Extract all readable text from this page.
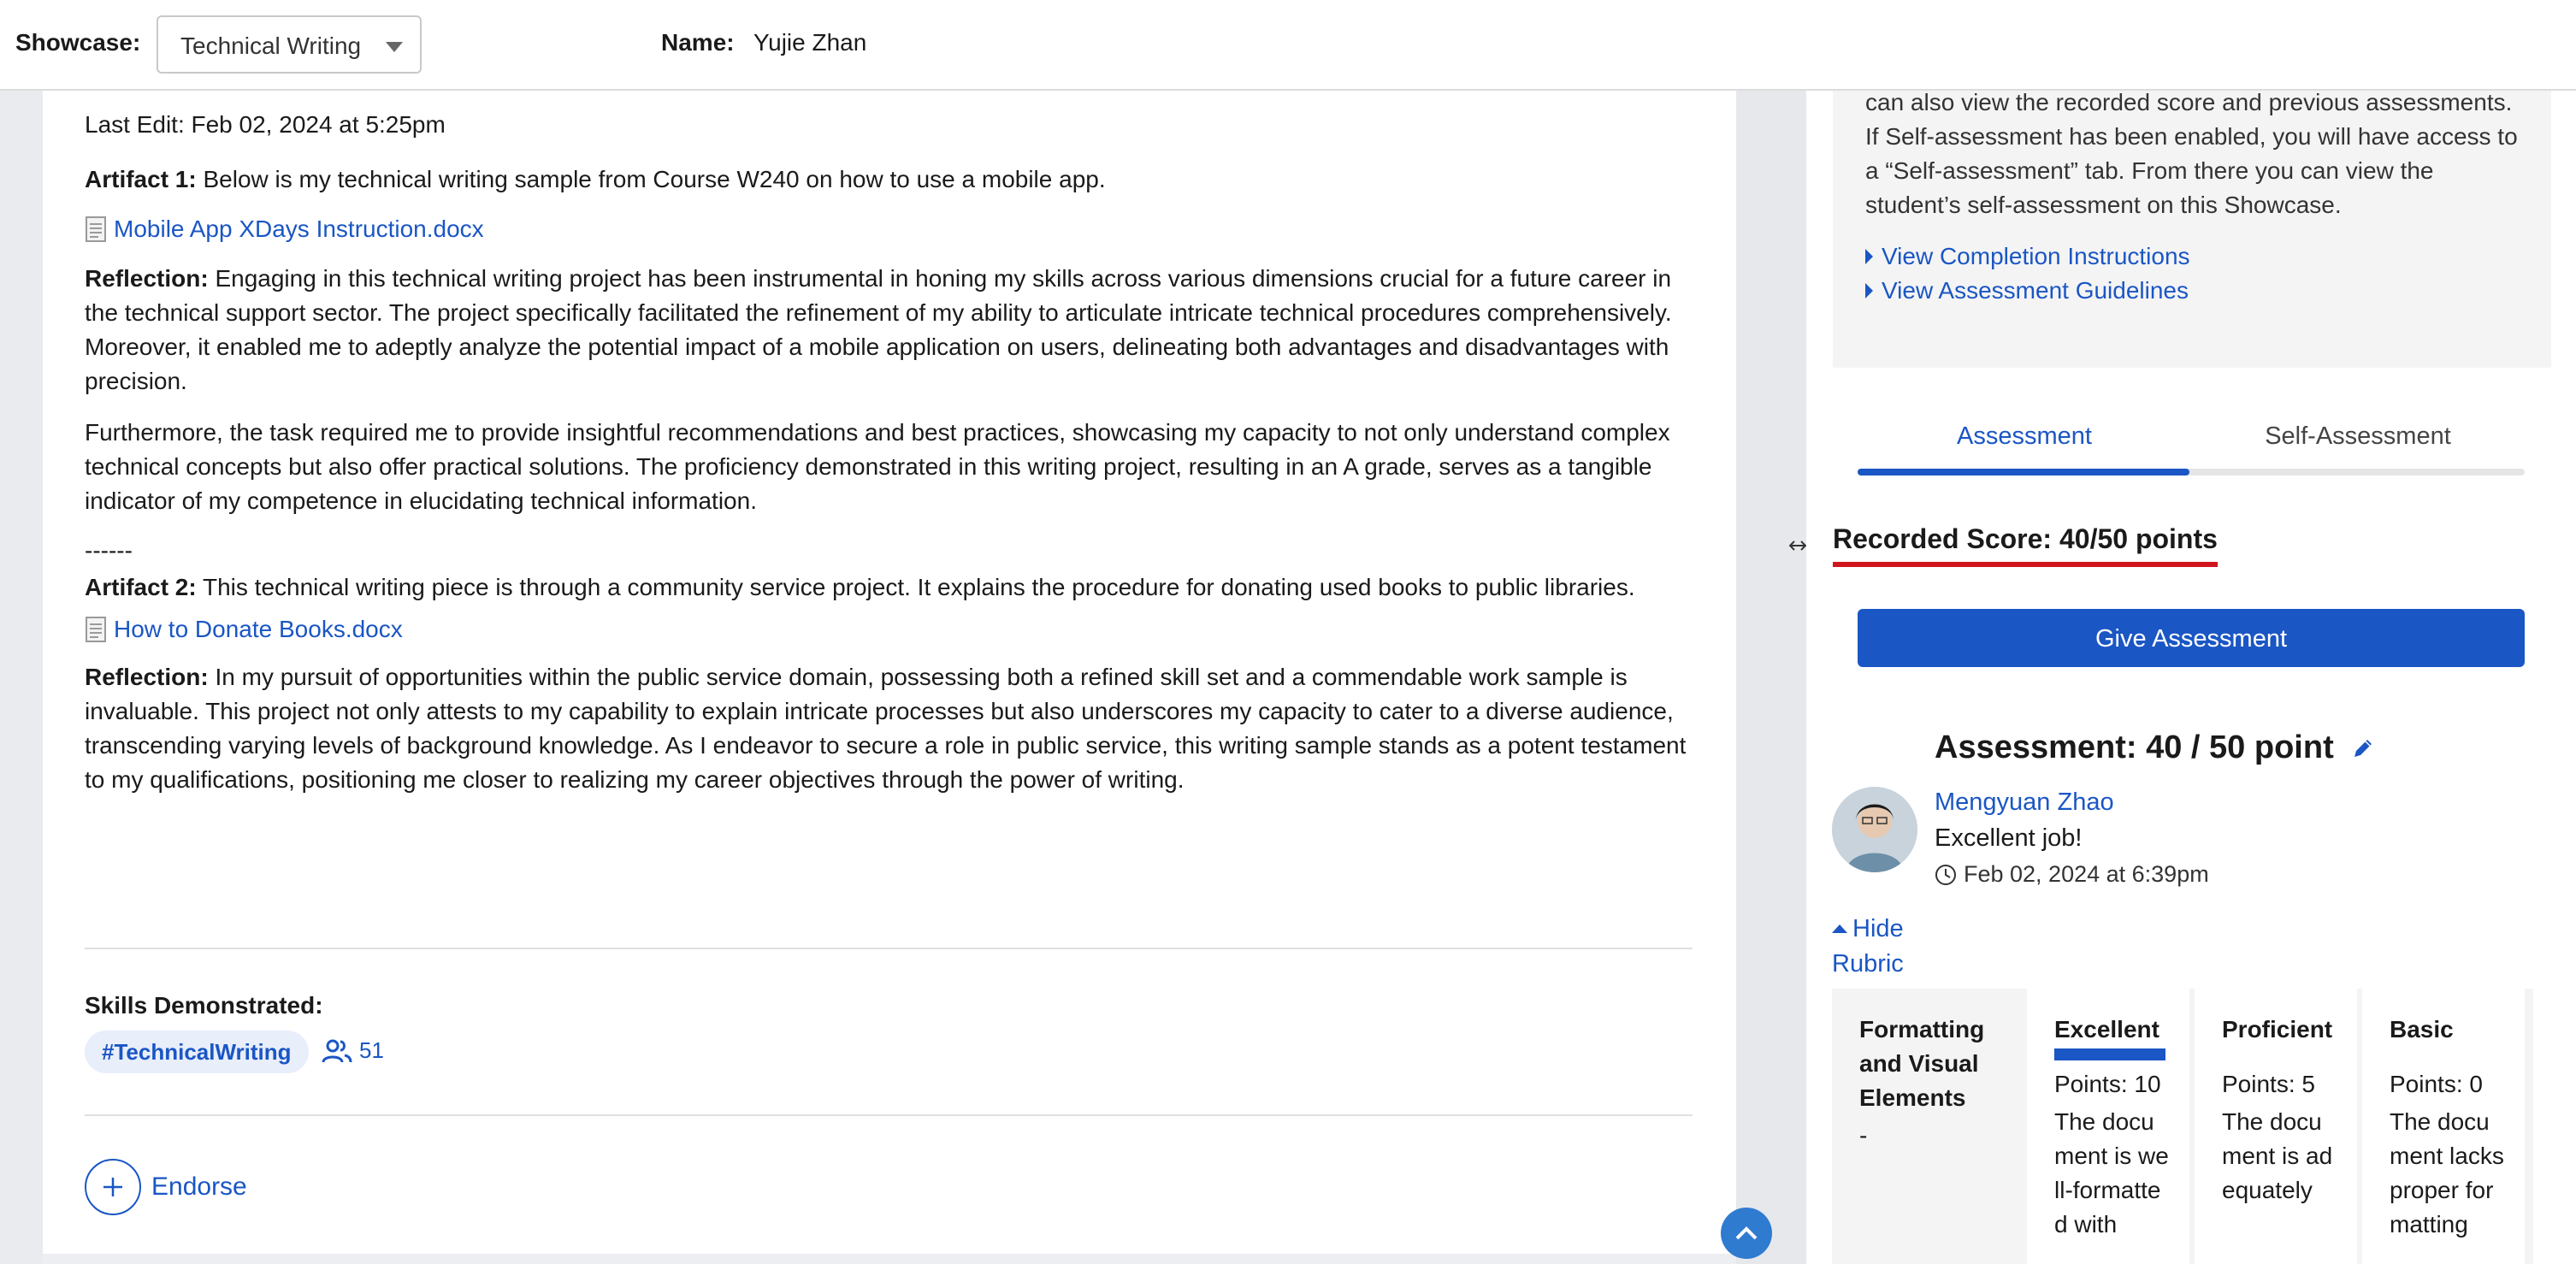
Showcase:	Technical Writing	Name: Yujie Zhan

Last Edit: Feb 02, 2024 at 5:25pm

Artifact 1: Below is my technical writing sample from Course W240 on how to use a mobile app.

Mobile App XDays Instruction.docx

Reflection: Engaging in this technical writing project has been instrumental in honing my skills across various dimensions crucial for a future career in the technical support sector. The project specifically facilitated the refinement of my ability to articulate intricate technical procedures comprehensively. Moreover, it enabled me to adeptly analyze the potential impact of a mobile application on users, delineating both advantages and disadvantages with precision.

Furthermore, the task required me to provide insightful recommendations and best practices, showcasing my capacity to not only understand complex technical concepts but also offer practical solutions. The proficiency demonstrated in this writing project, resulting in an A grade, serves as a tangible indicator of my competence in elucidating technical information.

------

Artifact 2: This technical writing piece is through a community service project. It explains the procedure for donating used books to public libraries.

How to Donate Books.docx

Reflection: In my pursuit of opportunities within the public service domain, possessing both a refined skill set and a commendable work sample is invaluable. This project not only attests to my capability to explain intricate processes but also underscores my capacity to cater to a diverse audience, transcending varying levels of background knowledge. As I endeavor to secure a role in public service, this writing sample stands as a potent testament to my qualifications, positioning me closer to realizing my career objectives through the power of writing.

Skills Demonstrated:
#TechnicalWriting	51
Endorse
can also view the recorded score and previous assessments. If Self-assessment has been enabled, you will have access to a “Self-assessment” tab. From there you can view the student’s self-assessment on this Showcase.
View Completion Instructions
View Assessment Guidelines
Assessment	Self-Assessment
Recorded Score: 40/50 points
Give Assessment
Assessment: 40 / 50 point
Mengyuan Zhao
Excellent job!
Feb 02, 2024 at 6:39pm
Hide Rubric
Formatting and Visual Elements
-
Excellent
Points: 10
The document is well-formatted with
Proficient
Points: 5
The document is adequately
Basic
Points: 0
The document lacks proper formatting
